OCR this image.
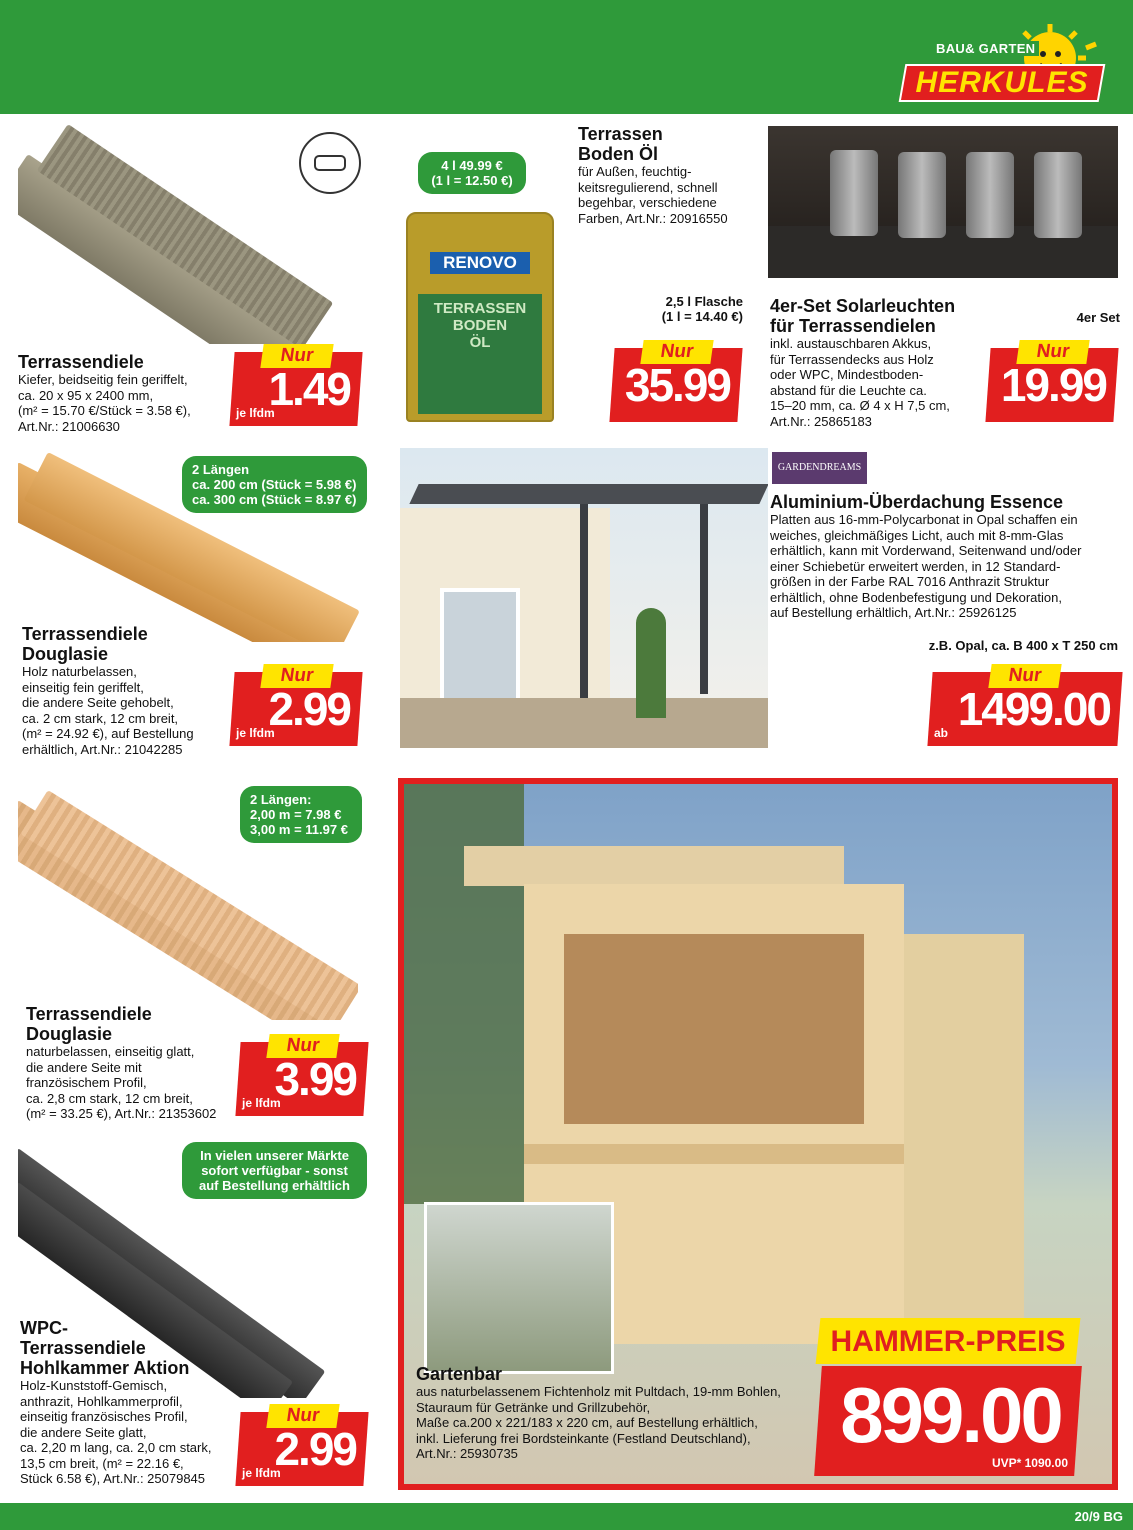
BAU& GARTEN
HERKULES
20/9 BG
Terrassendiele
Kiefer, beidseitig fein geriffelt,
ca. 20 x 95 x 2400 mm,
(m² = 15.70 €/Stück = 3.58 €),
Art.Nr.: 21006630
Nur
1.49
je lfdm
4 l 49.99 €
(1 l = 12.50 €)
RENOVO
TERRASSEN
BODEN
ÖL
Terrassen
Boden Öl
für Außen, feuchtig-
keitsregulierend, schnell
begehbar, verschiedene
Farben, Art.Nr.: 20916550
2,5 l Flasche
(1 l = 14.40 €)
Nur
35.99
4er-Set Solarleuchten
für Terrassendielen
inkl. austauschbaren Akkus,
für Terrassendecks aus Holz
oder WPC, Mindestboden-
abstand für die Leuchte ca.
15–20 mm, ca. Ø 4 x H 7,5 cm,
Art.Nr.: 25865183
4er Set
Nur
19.99
2 Längen
ca. 200 cm (Stück = 5.98 €)
ca. 300 cm (Stück = 8.97 €)
Terrassendiele
Douglasie
Holz naturbelassen,
einseitig fein geriffelt,
die andere Seite gehobelt,
ca. 2 cm stark, 12 cm breit,
(m² = 24.92 €), auf Bestellung
erhältlich, Art.Nr.: 21042285
Nur
2.99
je lfdm
GARDENDREAMS
Aluminium-Überdachung Essence
Platten aus 16-mm-Polycarbonat in Opal schaffen ein
weiches, gleichmäßiges Licht, auch mit 8-mm-Glas
erhältlich, kann mit Vorderwand, Seitenwand und/oder
einer Schiebetür erweitert werden, in 12 Standard-
größen in der Farbe RAL 7016 Anthrazit Struktur
erhältlich, ohne Bodenbefestigung und Dekoration,
auf Bestellung erhältlich, Art.Nr.: 25926125
z.B. Opal, ca. B 400 x T 250 cm
Nur
1499.00
ab
2 Längen:
2,00 m = 7.98 €
3,00 m = 11.97 €
Terrassendiele
Douglasie
naturbelassen, einseitig glatt,
die andere Seite mit
französischem Profil,
ca. 2,8 cm stark, 12 cm breit,
(m² = 33.25 €), Art.Nr.: 21353602
Nur
3.99
je lfdm
In vielen unserer Märkte
sofort verfügbar - sonst
auf Bestellung erhältlich
WPC-
Terrassendiele
Hohlkammer Aktion
Holz-Kunststoff-Gemisch,
anthrazit, Hohlkammerprofil,
einseitig französisches Profil,
die andere Seite glatt,
ca. 2,20 m lang, ca. 2,0 cm stark,
13,5 cm breit, (m² = 22.16 €,
Stück 6.58 €), Art.Nr.: 25079845
Nur
2.99
je lfdm
Gartenbar
aus naturbelassenem Fichtenholz mit Pultdach, 19-mm Bohlen,
Stauraum für Getränke und Grillzubehör,
Maße ca.200 x 221/183 x 220 cm, auf Bestellung erhältlich,
inkl. Lieferung frei Bordsteinkante (Festland Deutschland),
Art.Nr.: 25930735
HAMMER-PREIS
899.00
UVP* 1090.00
